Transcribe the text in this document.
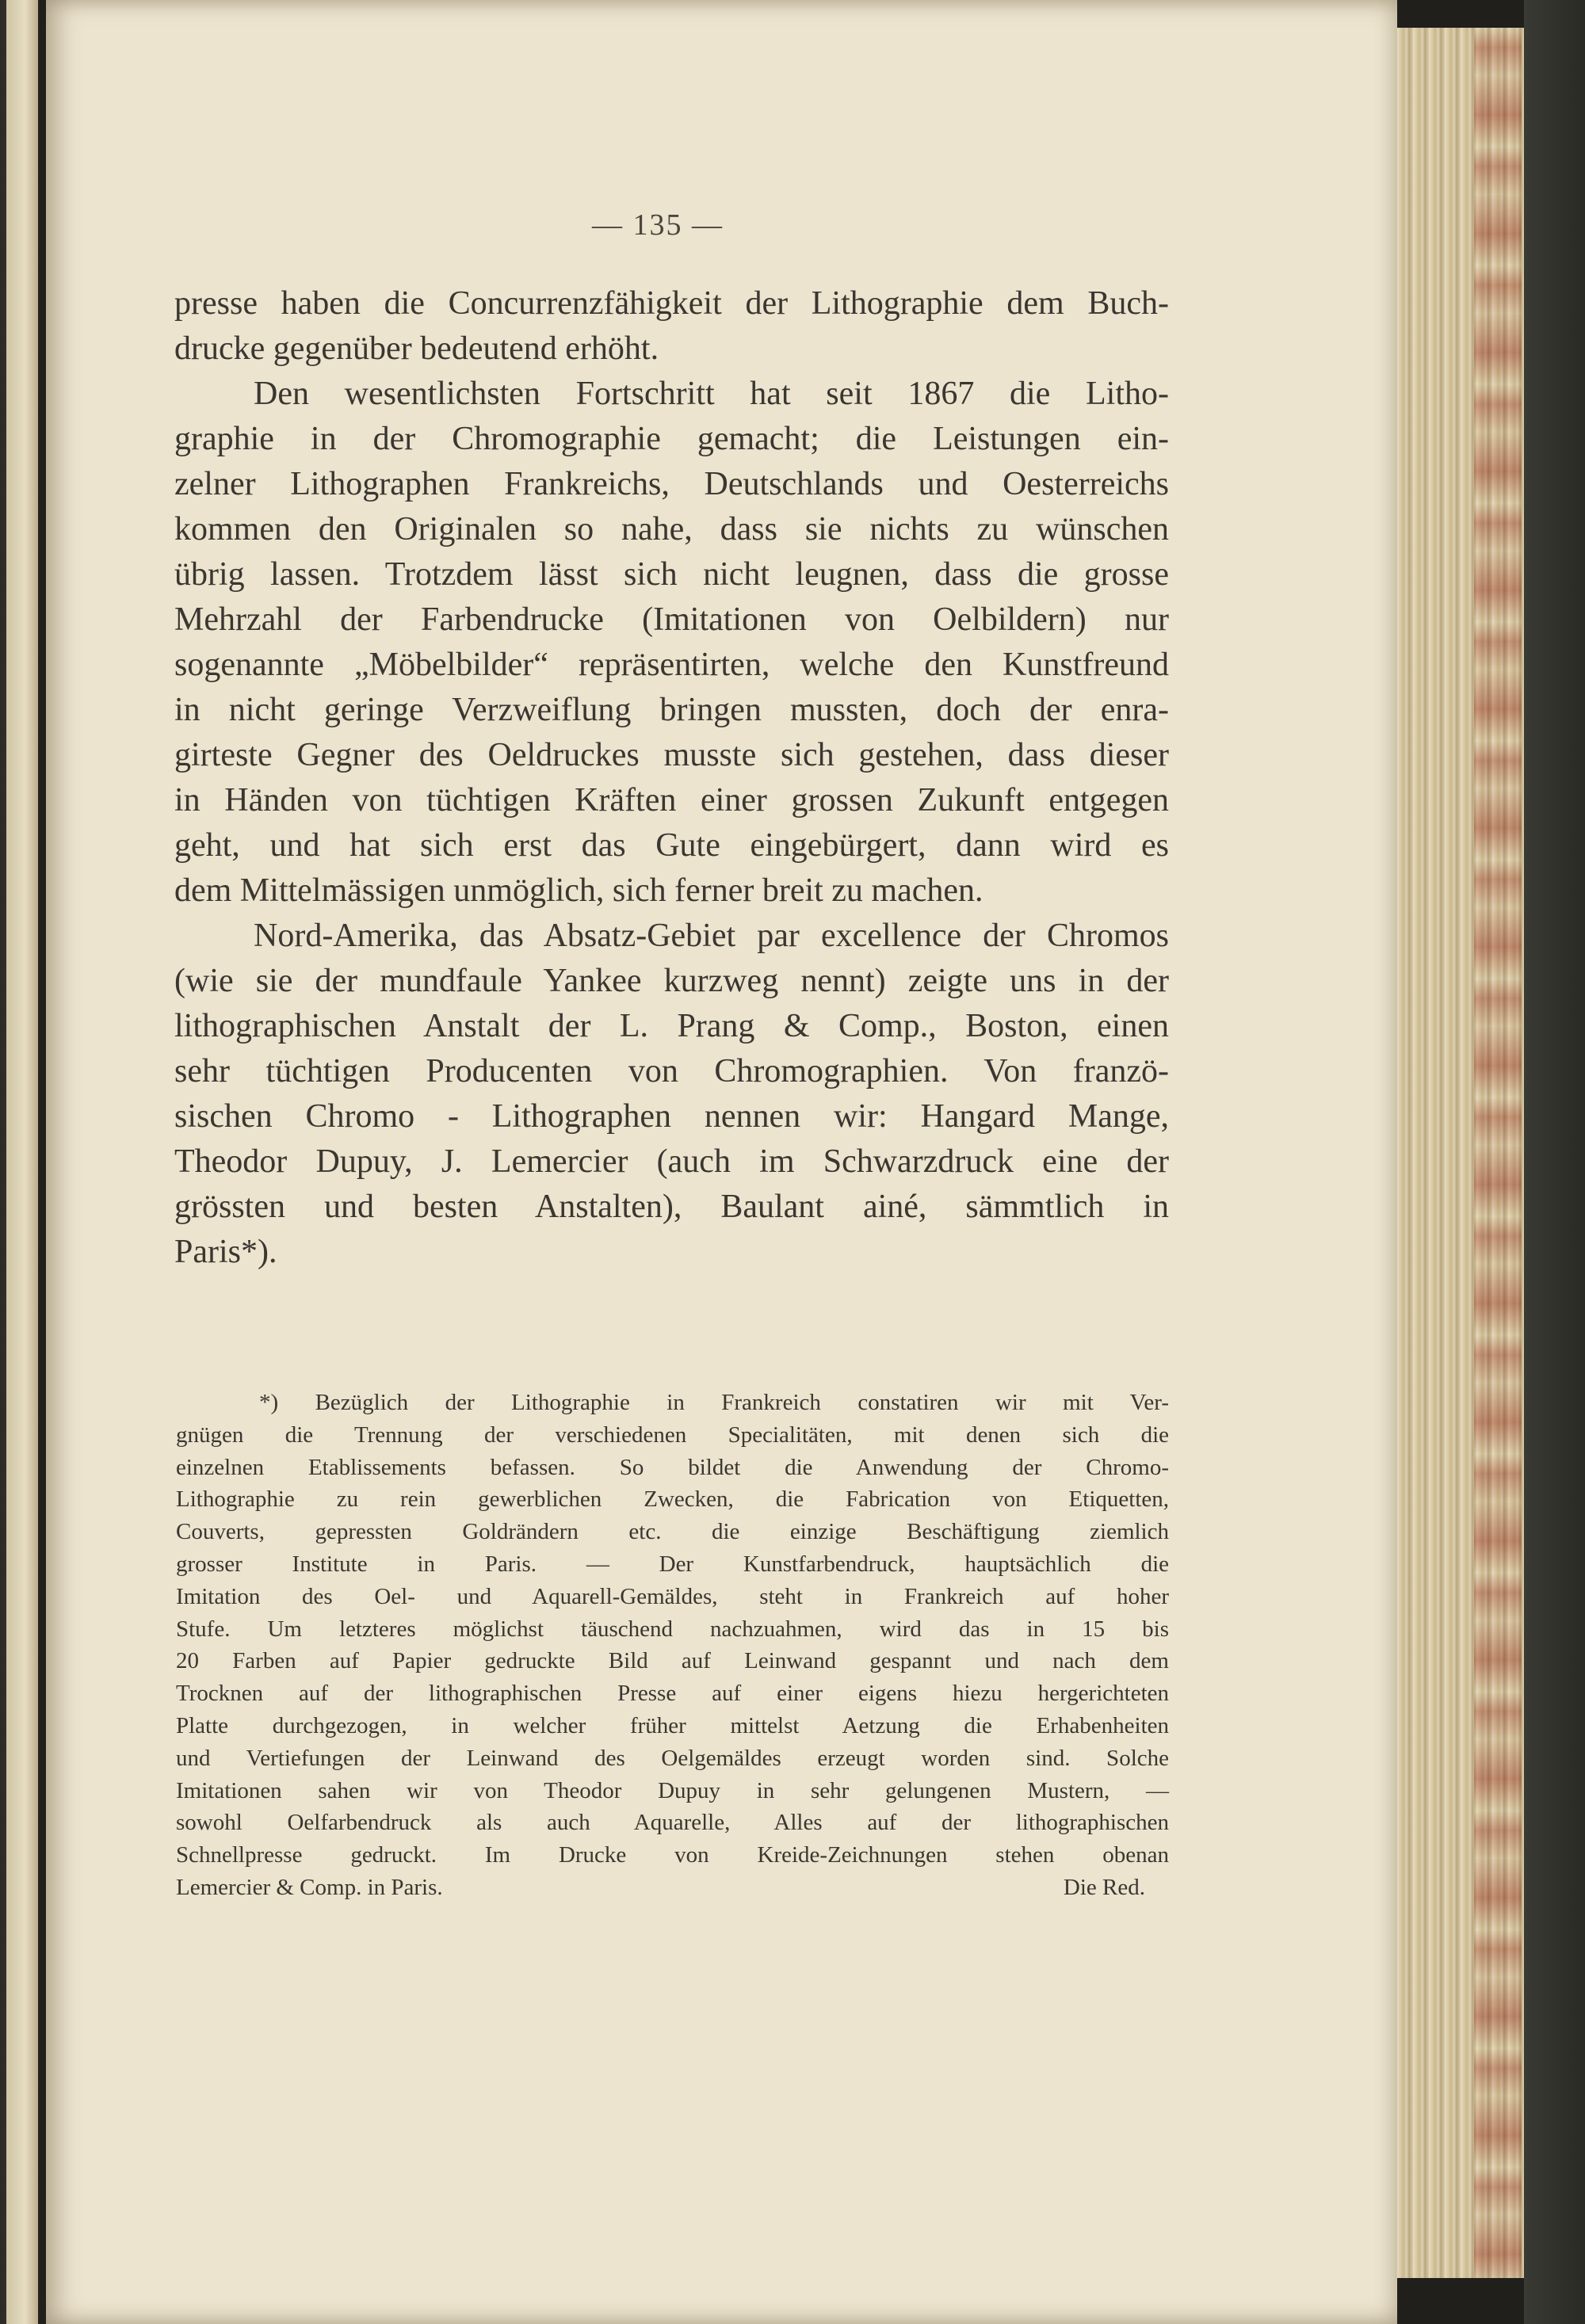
— 135 —
presse haben die Concurrenzfähigkeit der Lithographie dem Buch-
drucke gegenüber bedeutend erhöht.
Den wesentlichsten Fortschritt hat seit 1867 die Litho-
graphie in der Chromographie gemacht; die Leistungen ein-
zelner Lithographen Frankreichs, Deutschlands und Oesterreichs
kommen den Originalen so nahe, dass sie nichts zu wünschen
übrig lassen. Trotzdem lässt sich nicht leugnen, dass die grosse
Mehrzahl der Farbendrucke (Imitationen von Oelbildern) nur
sogenannte „Möbelbilder“ repräsentirten, welche den Kunstfreund
in nicht geringe Verzweiflung bringen mussten, doch der enra-
girteste Gegner des Oeldruckes musste sich gestehen, dass dieser
in Händen von tüchtigen Kräften einer grossen Zukunft entgegen
geht, und hat sich erst das Gute eingebürgert, dann wird es
dem Mittelmässigen unmöglich, sich ferner breit zu machen.
Nord-Amerika, das Absatz-Gebiet par excellence der Chromos
(wie sie der mundfaule Yankee kurzweg nennt) zeigte uns in der
lithographischen Anstalt der L. Prang & Comp., Boston, einen
sehr tüchtigen Producenten von Chromographien. Von franzö-
sischen Chromo - Lithographen nennen wir: Hangard Mange,
Theodor Dupuy, J. Lemercier (auch im Schwarzdruck eine der
grössten und besten Anstalten), Baulant ainé, sämmtlich in
Paris*).
*) Bezüglich der Lithographie in Frankreich constatiren wir mit Ver-
gnügen die Trennung der verschiedenen Specialitäten, mit denen sich die
einzelnen Etablissements befassen. So bildet die Anwendung der Chromo-
Lithographie zu rein gewerblichen Zwecken, die Fabrication von Etiquetten,
Couverts, gepressten Goldrändern etc. die einzige Beschäftigung ziemlich
grosser Institute in Paris. — Der Kunstfarbendruck, hauptsächlich die
Imitation des Oel- und Aquarell-Gemäldes, steht in Frankreich auf hoher
Stufe. Um letzteres möglichst täuschend nachzuahmen, wird das in 15 bis
20 Farben auf Papier gedruckte Bild auf Leinwand gespannt und nach dem
Trocknen auf der lithographischen Presse auf einer eigens hiezu hergerichteten
Platte durchgezogen, in welcher früher mittelst Aetzung die Erhabenheiten
und Vertiefungen der Leinwand des Oelgemäldes erzeugt worden sind. Solche
Imitationen sahen wir von Theodor Dupuy in sehr gelungenen Mustern, —
sowohl Oelfarbendruck als auch Aquarelle, Alles auf der lithographischen
Schnellpresse gedruckt. Im Drucke von Kreide-Zeichnungen stehen obenan
Lemercier & Comp. in Paris.	Die Red.
